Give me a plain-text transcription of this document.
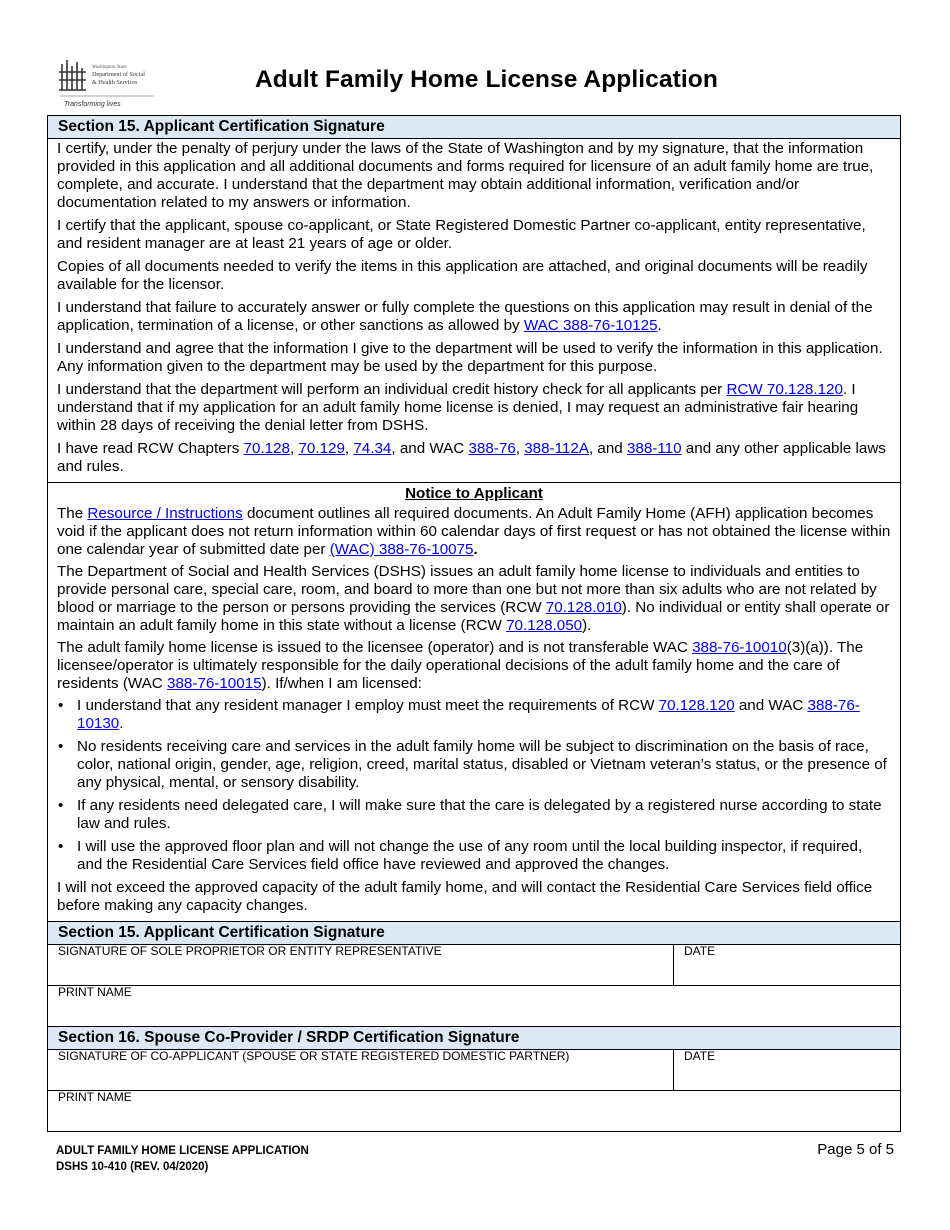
Washington State
Department of Social
& Health Services
Transforming lives
Adult Family Home License Application
Section 15. Applicant Certification Signature

I certify, under the penalty of perjury under the laws of the State of Washington and by my signature, that the information provided in this application and all additional documents and forms required for licensure of an adult family home are true, complete, and accurate. I understand that the department may obtain additional information, verification and/or documentation related to my answers or information.

I certify that the applicant, spouse co-applicant, or State Registered Domestic Partner co-applicant, entity representative, and resident manager are at least 21 years of age or older.

Copies of all documents needed to verify the items in this application are attached, and original documents will be readily available for the licensor.

I understand that failure to accurately answer or fully complete the questions on this application may result in denial of the application, termination of a license, or other sanctions as allowed by WAC 388-76-10125.

I understand and agree that the information I give to the department will be used to verify the information in this application. Any information given to the department may be used by the department for this purpose.

I understand that the department will perform an individual credit history check for all applicants per RCW 70.128.120. I understand that if my application for an adult family home license is denied, I may request an administrative fair hearing within 28 days of receiving the denial letter from DSHS.

I have read RCW Chapters 70.128, 70.129, 74.34, and WAC 388-76, 388-112A, and 388-110 and any other applicable laws and rules.

Notice to Applicant

The Resource / Instructions document outlines all required documents. An Adult Family Home (AFH) application becomes void if the applicant does not return information within 60 calendar days of first request or has not obtained the license within one calendar year of submitted date per (WAC) 388-76-10075.

The Department of Social and Health Services (DSHS) issues an adult family home license to individuals and entities to provide personal care, special care, room, and board to more than one but not more than six adults who are not related by blood or marriage to the person or persons providing the services (RCW 70.128.010). No individual or entity shall operate or maintain an adult family home in this state without a license (RCW 70.128.050).

The adult family home license is issued to the licensee (operator) and is not transferable WAC 388-76-10010(3)(a)). The licensee/operator is ultimately responsible for the daily operational decisions of the adult family home and the care of residents (WAC 388-76-10015). If/when I am licensed:

• I understand that any resident manager I employ must meet the requirements of RCW 70.128.120 and WAC 388-76-10130.
• No residents receiving care and services in the adult family home will be subject to discrimination on the basis of race, color, national origin, gender, age, religion, creed, marital status, disabled or Vietnam veteran’s status, or the presence of any physical, mental, or sensory disability.
• If any residents need delegated care, I will make sure that the care is delegated by a registered nurse according to state law and rules.
• I will use the approved floor plan and will not change the use of any room until the local building inspector, if required, and the Residential Care Services field office have reviewed and approved the changes.

I will not exceed the approved capacity of the adult family home, and will contact the Residential Care Services field office before making any capacity changes.

Section 15. Applicant Certification Signature
SIGNATURE OF SOLE PROPRIETOR OR ENTITY REPRESENTATIVE	DATE
PRINT NAME
Section 16. Spouse Co-Provider / SRDP Certification Signature
SIGNATURE OF CO-APPLICANT (SPOUSE OR STATE REGISTERED DOMESTIC PARTNER)	DATE
PRINT NAME
ADULT FAMILY HOME LICENSE APPLICATION
DSHS 10-410 (REV. 04/2020)
Page 5 of 5
